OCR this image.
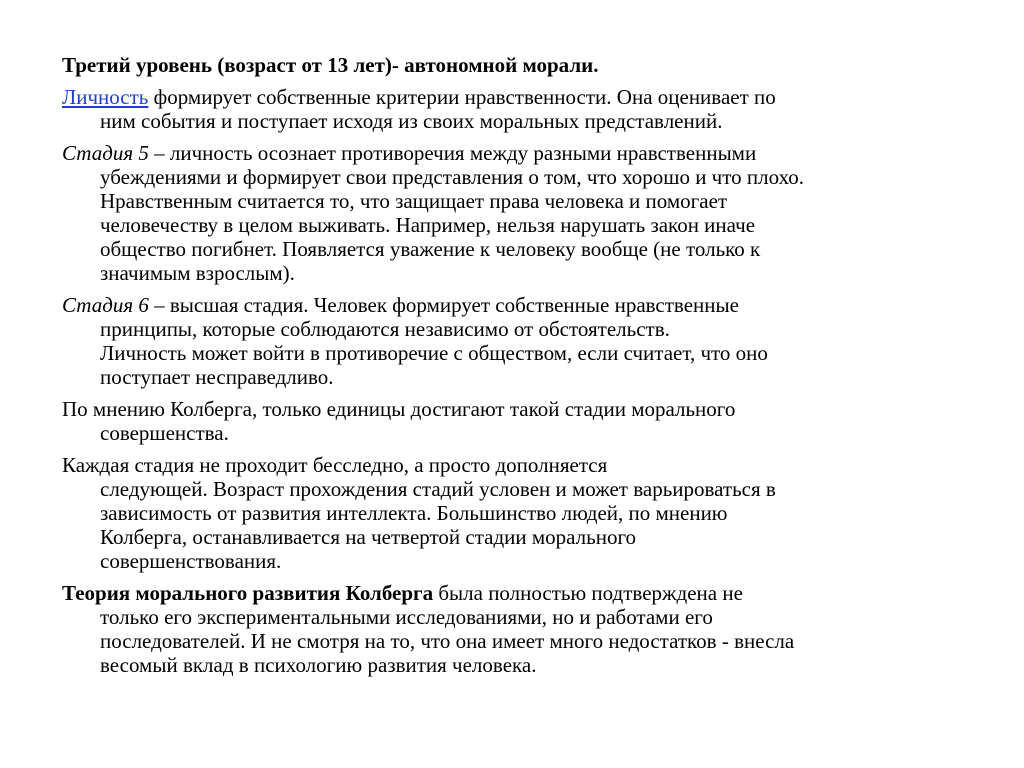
Третий уровень (возраст от 13 лет)- автономной морали.
Личность формирует собственные критерии нравственности. Она оценивает по
ним события и поступает исходя из своих моральных представлений.
Стадия 5 – личность осознает противоречия между разными нравственными
убеждениями и формирует свои представления о том, что хорошо и что плохо.
Нравственным считается то, что защищает права человека и помогает
человечеству в целом выживать. Например, нельзя нарушать закон иначе
общество погибнет. Появляется уважение к человеку вообще (не только к
значимым взрослым).
Стадия 6 – высшая стадия. Человек формирует собственные нравственные
принципы, которые соблюдаются независимо от обстоятельств.
Личность может войти в противоречие с обществом, если считает, что оно
поступает несправедливо.
По мнению Колберга, только единицы достигают такой стадии морального
совершенства.
Каждая стадия не проходит бесследно, а просто дополняется
следующей. Возраст прохождения стадий условен и может варьироваться в
зависимость от развития интеллекта. Большинство людей, по мнению
Колберга, останавливается на четвертой стадии морального
совершенствования.
Теория морального развития Колберга была полностью подтверждена не
только его экспериментальными исследованиями, но и работами его
последователей. И не смотря на то, что она имеет много недостатков - внесла
весомый вклад в психологию развития человека.
